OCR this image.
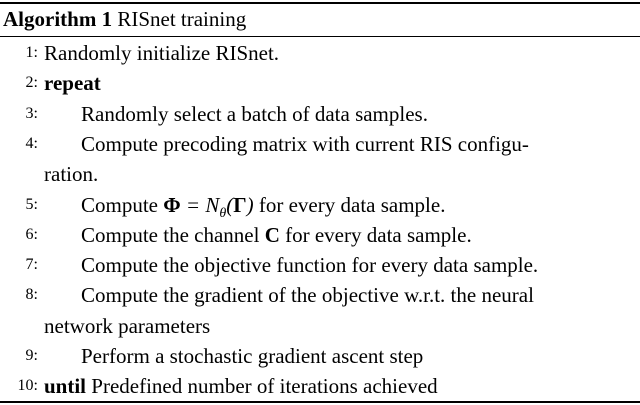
Algorithm 1 RISnet training
1: Randomly initialize RISnet.
2: repeat
3: Randomly select a batch of data samples.
4: Compute precoding matrix with current RIS configu-
ration.
5: Compute $\Phi = N_\theta(\Gamma)$ for every data sample.
6: Compute the channel C for every data sample.
7: Compute the objective function for every data sample.
8: Compute the gradient of the objective w.r.t. the neural
network parameters
9: Perform a stochastic gradient ascent step
10: until Predefined number of iterations achieved
